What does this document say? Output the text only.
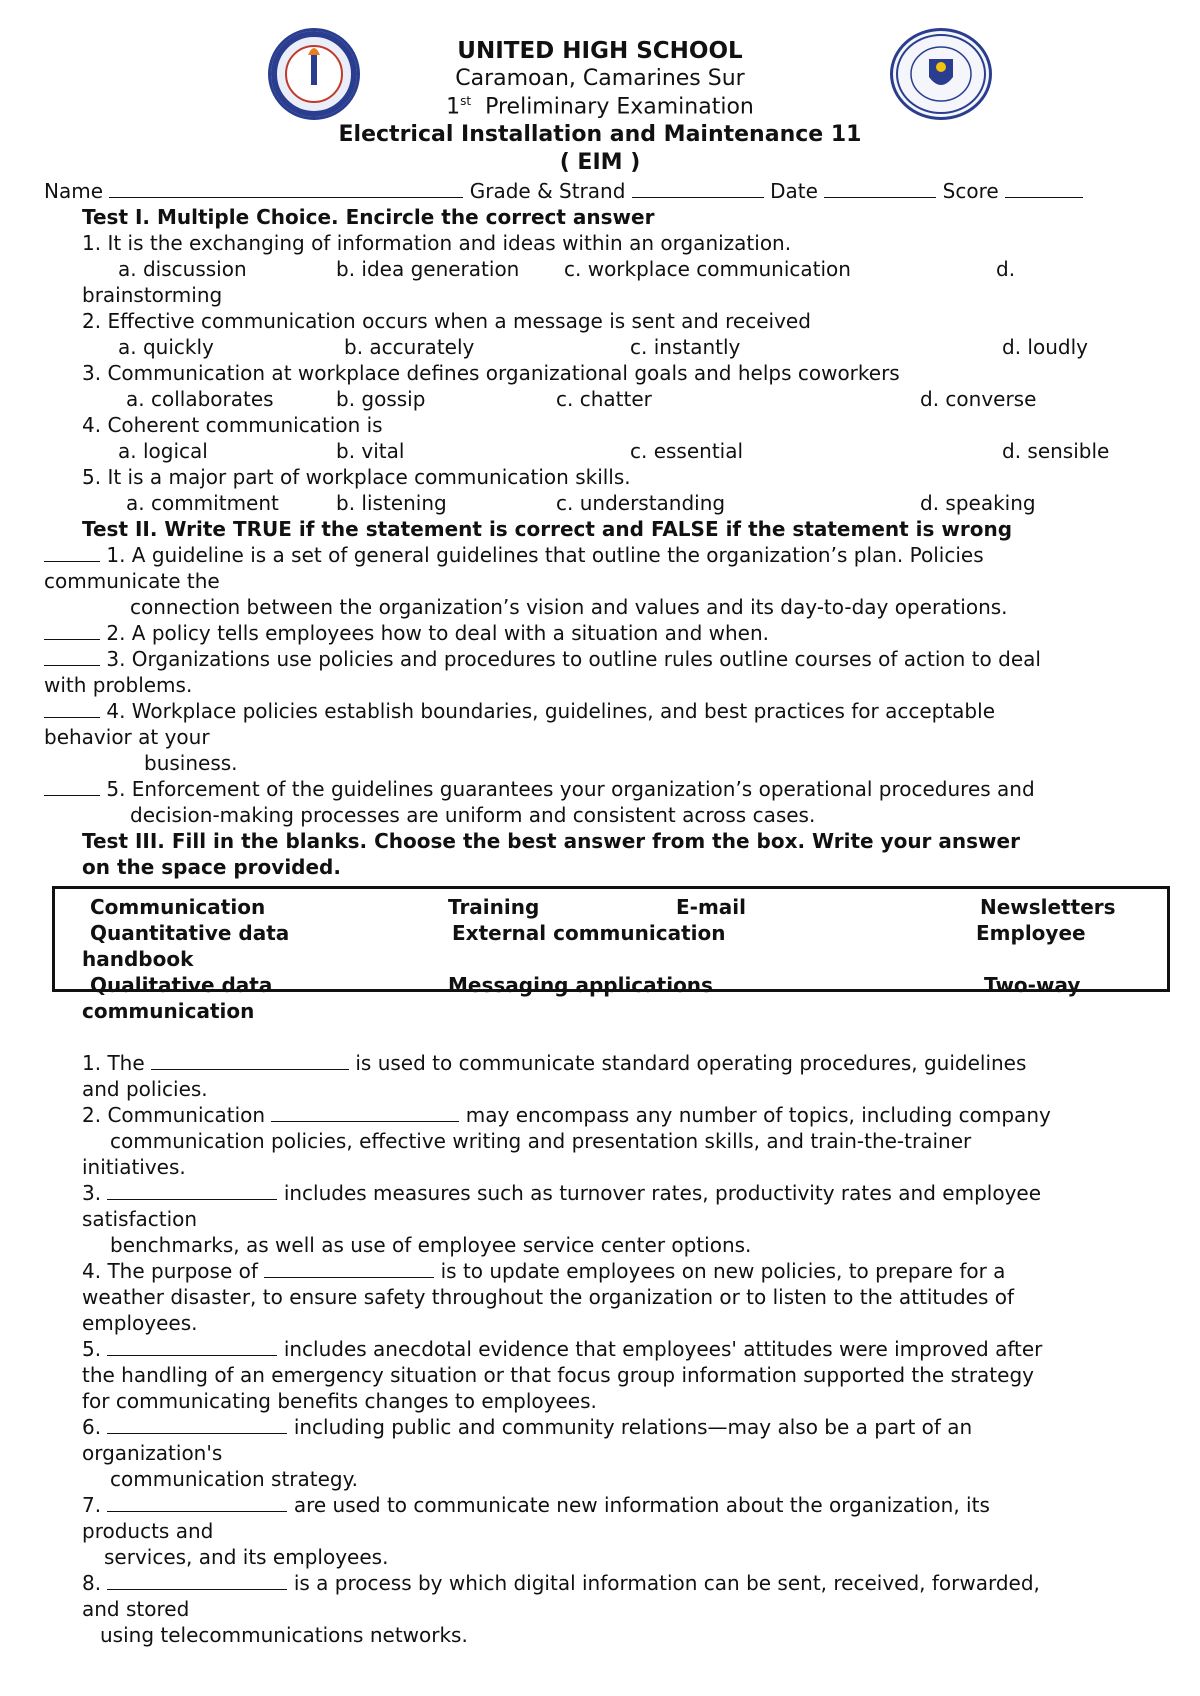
UNITED HIGH SCHOOL
Caramoan, Camarines Sur
1st Preliminary Examination
Electrical Installation and Maintenance 11
( EIM )
Name	Grade & Strand	Date	Score
Test I. Multiple Choice. Encircle the correct answer
1. It is the exchanging of information and ideas within an organization.
a. discussion	b. idea generation c. workplace communication	d.
brainstorming
2. Effective communication occurs when a message is sent and received
a. quickly	b. accurately	c. instantly	d. loudly
3. Communication at workplace defines organizational goals and helps coworkers
a. collaborates	b. gossip	c. chatter	d. converse
4. Coherent communication is
a. logical	b. vital	c. essential	d. sensible
5. It is a major part of workplace communication skills.
a. commitment	b. listening	c. understanding	d. speaking
Test II. Write TRUE if the statement is correct and FALSE if the statement is wrong
1. A guideline is a set of general guidelines that outline the organization’s plan. Policies
communicate the
connection between the organization’s vision and values and its day-to-day operations.
2. A policy tells employees how to deal with a situation and when.
3. Organizations use policies and procedures to outline rules outline courses of action to deal
with problems.
4. Workplace policies establish boundaries, guidelines, and best practices for acceptable
behavior at your
business.
5. Enforcement of the guidelines guarantees your organization’s operational procedures and
decision-making processes are uniform and consistent across cases.
Test III. Fill in the blanks. Choose the best answer from the box. Write your answer
on the space provided.
Communication	Training	E-mail	Newsletters
Quantitative data	External communication	Employee
handbook
Qualitative data	Messaging applications	Two-way
communication
1. The	is used to communicate standard operating procedures, guidelines
and policies.
2. Communication	may encompass any number of topics, including company
communication policies, effective writing and presentation skills, and train-the-trainer
initiatives.
3.	includes measures such as turnover rates, productivity rates and employee
satisfaction
benchmarks, as well as use of employee service center options.
4. The purpose of	is to update employees on new policies, to prepare for a
weather disaster, to ensure safety throughout the organization or to listen to the attitudes of
employees.
5.	includes anecdotal evidence that employees' attitudes were improved after
the handling of an emergency situation or that focus group information supported the strategy
for communicating benefits changes to employees.
6.	including public and community relations—may also be a part of an
organization's
communication strategy.
7.	are used to communicate new information about the organization, its
products and
services, and its employees.
8.	is a process by which digital information can be sent, received, forwarded,
and stored
using telecommunications networks.
